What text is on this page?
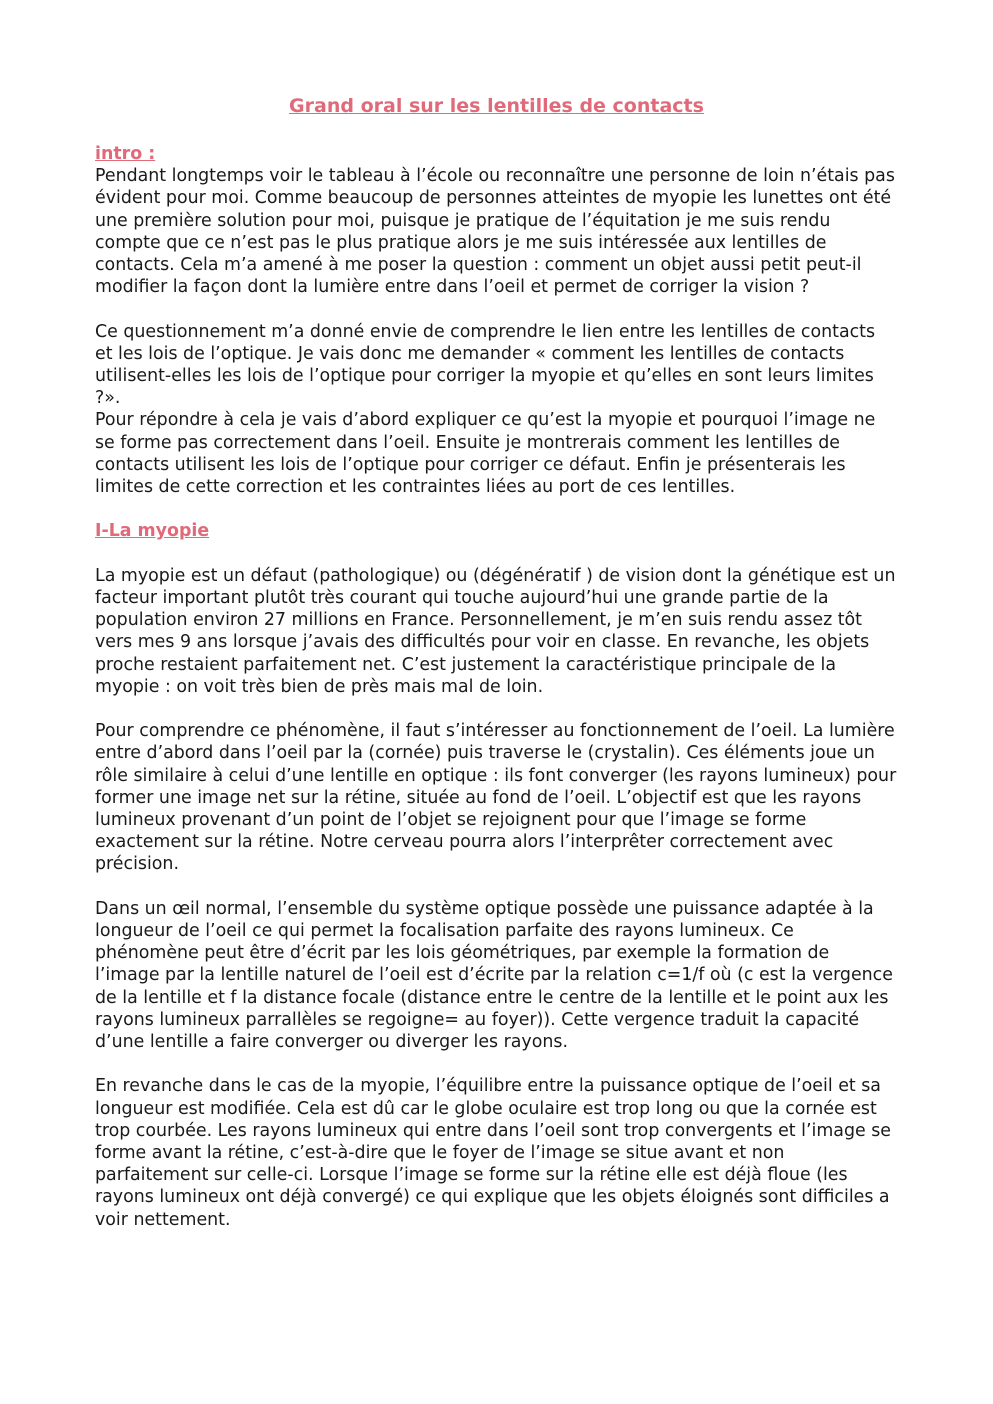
Grand oral sur les lentilles de contacts

intro :

Pendant longtemps voir le tableau à l’école ou reconnaître une personne de loin n’étais pas évident pour moi. Comme beaucoup de personnes atteintes de myopie les lunettes ont été une première solution pour moi, puisque je pratique de l’équitation je me suis rendu compte que ce n’est pas le plus pratique alors je me suis intéressée aux lentilles de contacts. Cela m’a amené à me poser la question : comment un objet aussi petit peut-il modifier la façon dont la lumière entre dans l’oeil et permet de corriger la vision ?

Ce questionnement m’a donné envie de comprendre le lien entre les lentilles de contacts et les lois de l’optique. Je vais donc me demander « comment les lentilles de contacts utilisent-elles les lois de l’optique pour corriger la myopie et qu’elles en sont leurs limites ?».

Pour répondre à cela je vais d’abord expliquer ce qu’est la myopie et pourquoi l’image ne se forme pas correctement dans l’oeil. Ensuite je montrerais comment les lentilles de contacts utilisent les lois de l’optique pour corriger ce défaut. Enfin je présenterais les limites de cette correction et les contraintes liées au port de ces lentilles.

I-La myopie

La myopie est un défaut (pathologique) ou (dégénératif ) de vision dont la génétique est un facteur important plutôt très courant qui touche aujourd’hui une grande partie de la population environ 27 millions en France. Personnellement, je m’en suis rendu assez tôt vers mes 9 ans lorsque j’avais des difficultés pour voir en classe. En revanche, les objets proche restaient parfaitement net. C’est justement la caractéristique principale de la myopie : on voit très bien de près mais mal de loin.

Pour comprendre ce phénomène, il faut s’intéresser au fonctionnement de l’oeil. La lumière entre d’abord dans l’oeil par la (cornée) puis traverse le (crystalin). Ces éléments joue un rôle similaire à celui d’une lentille en optique : ils font converger (les rayons lumineux) pour former une image net sur la rétine, située au fond de l’oeil. L’objectif est que les rayons lumineux provenant d’un point de l’objet se rejoignent pour que l’image se forme exactement sur la rétine. Notre cerveau pourra alors l’interprêter correctement avec précision.

Dans un œil normal, l’ensemble du système optique possède une puissance adaptée à la longueur de l’oeil ce qui permet la focalisation parfaite des rayons lumineux. Ce phénomène peut être d’écrit par les lois géométriques, par exemple la formation de l’image par la lentille naturel de l’oeil est d’écrite par la relation c=1/f où (c est la vergence de la lentille et f la distance focale (distance entre le centre de la lentille et le point aux les rayons lumineux parrallèles se regoigne= au foyer)). Cette vergence traduit la capacité d’une lentille a faire converger ou diverger les rayons.

En revanche dans le cas de la myopie, l’équilibre entre la puissance optique de l’oeil et sa longueur est modifiée. Cela est dû car le globe oculaire est trop long ou que la cornée est trop courbée. Les rayons lumineux qui entre dans l’oeil sont trop convergents et l’image se forme avant la rétine, c’est-à-dire que le foyer de l’image se situe avant et non parfaitement sur celle-ci. Lorsque l’image se forme sur la rétine elle est déjà floue (les rayons lumineux ont déjà convergé) ce qui explique que les objets éloignés sont difficiles a voir nettement.
